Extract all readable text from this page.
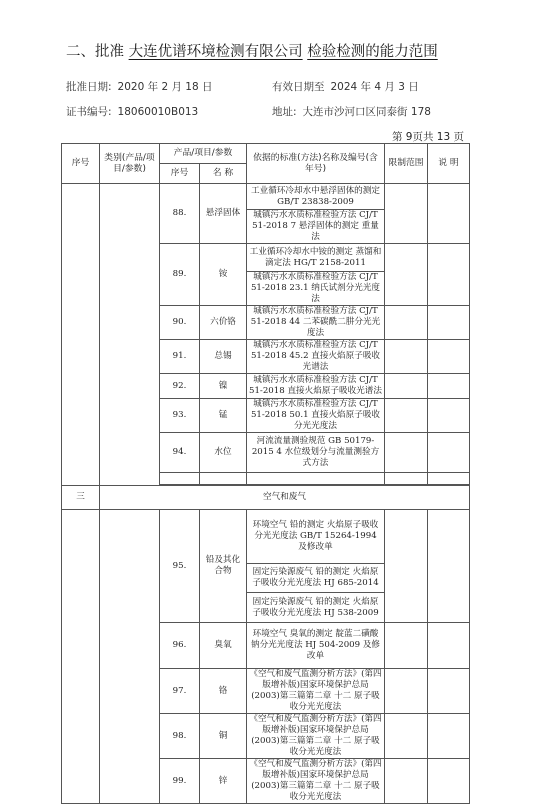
二、批准 大连优谱环境检测有限公司 检验检测的能力范围
批准日期: 2020 年 2 月 18 日	有效日期至 2024 年 4 月 3 日
证书编号: 18060010B013	地址: 大连市沙河口区同泰街 178
第 9页共 13 页
序号	类别(产品/项目/参数)	产品/项目/参数		依据的标准(方法)名称及编号(含年号)	限制范围	说 明
		序号	名 称			
		88.	悬浮固体	工业循环冷却水中悬浮固体的测定 GB/T 23838-2009		
				城镇污水水质标准检验方法 CJ/T 51-2018 7 悬浮固体的测定 重量法		
		89.	铵	工业循环冷却水中铵的测定 蒸馏和滴定法 HG/T 2158-2011		
				城镇污水水质标准检验方法 CJ/T 51-2018 23.1 纳氏试剂分光光度法		
		90.	六价铬	城镇污水水质标准检验方法 CJ/T 51-2018 44 二苯碳酰二肼分光光度法		
		91.	总锡	城镇污水水质标准检验方法 CJ/T 51-2018 45.2 直接火焰原子吸收光谱法		
		92.	镍	城镇污水水质标准检验方法 CJ/T 51-2018 直接火焰原子吸收光谱法		
		93.	锰	城镇污水水质标准检验方法 CJ/T 51-2018 50.1 直接火焰原子吸收分光光度法		
		94.	水位	河流流量测验规范 GB 50179-2015 4 水位级划分与流量测验方式方法		

三	空气和废气					
		95.	铅及其化合物	环境空气 铅的测定 火焰原子吸收分光光度法 GB/T 15264-1994 及修改单		
				固定污染源废气 铅的测定 火焰原子吸收分光光度法 HJ 685-2014		
				固定污染源废气 铅的测定 火焰原子吸收分光光度法 HJ 538-2009		
		96.	臭氧	环境空气 臭氧的测定 靛蓝二磺酸钠分光光度法 HJ 504-2009 及修改单		
		97.	铬	《空气和废气监测分析方法》(第四版增补版)国家环境保护总局(2003)第三篇第二章 十二 原子吸收分光光度法		
		98.	铜	《空气和废气监测分析方法》(第四版增补版)国家环境保护总局(2003)第三篇第二章 十二 原子吸收分光光度法		
		99.	锌	《空气和废气监测分析方法》(第四版增补版)国家环境保护总局(2003)第三篇第二章 十二 原子吸收分光光度法		
